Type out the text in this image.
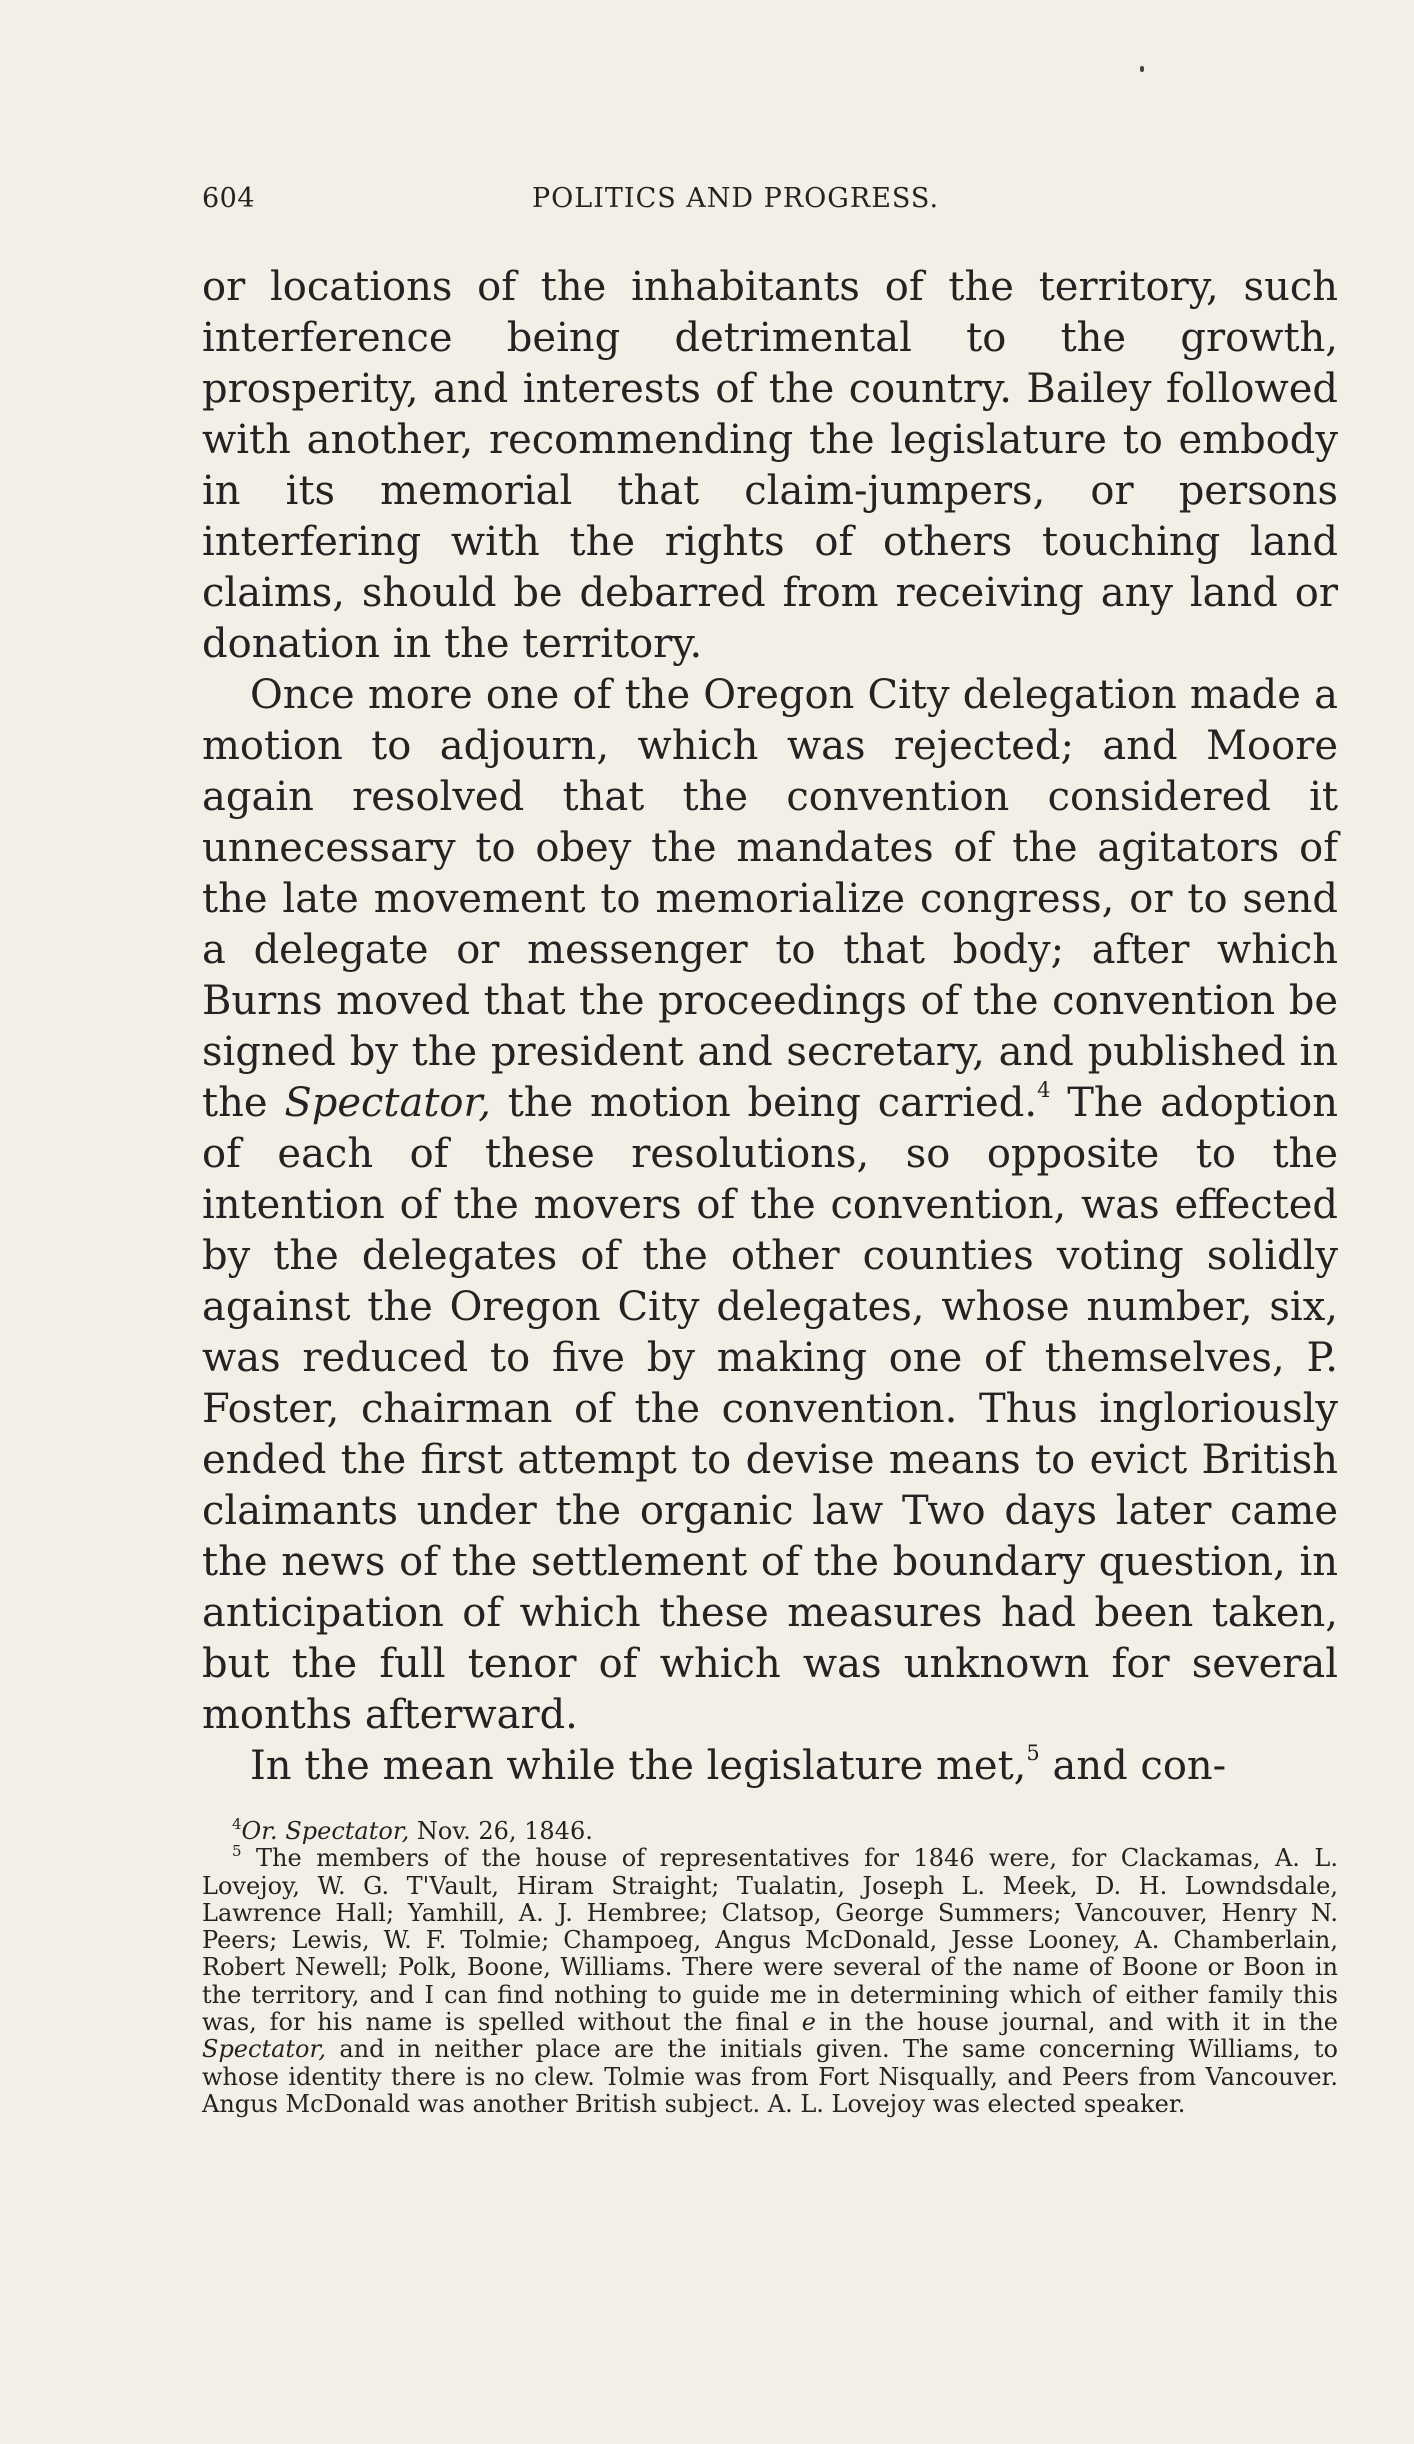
604	POLITICS AND PROGRESS.

or locations of the inhabitants of the territory, such interference being detrimental to the growth, prosperity, and interests of the country. Bailey followed with another, recommending the legislature to embody in its memorial that claim-jumpers, or persons interfering with the rights of others touching land claims, should be debarred from receiving any land or donation in the territory.

Once more one of the Oregon City delegation made a motion to adjourn, which was rejected; and Moore again resolved that the convention considered it unnecessary to obey the mandates of the agitators of the late movement to memorialize congress, or to send a delegate or messenger to that body; after which Burns moved that the proceedings of the convention be signed by the president and secretary, and published in the Spectator, the motion being carried.$^4$ The adoption of each of these resolutions, so opposite to the intention of the movers of the convention, was effected by the delegates of the other counties voting solidly against the Oregon City delegates, whose number, six, was reduced to five by making one of themselves, P. Foster, chairman of the convention. Thus ingloriously ended the first attempt to devise means to evict British claimants under the organic law Two days later came the news of the settlement of the boundary question, in anticipation of which these measures had been taken, but the full tenor of which was unknown for several months afterward.

In the mean while the legislature met,$^5$ and con-

$^4$Or. Spectator, Nov. 26, 1846.

$^5$ The members of the house of representatives for 1846 were, for Clackamas, A. L. Lovejoy, W. G. T'Vault, Hiram Straight; Tualatin, Joseph L. Meek, D. H. Lowndsdale, Lawrence Hall; Yamhill, A. J. Hembree; Clatsop, George Summers; Vancouver, Henry N. Peers; Lewis, W. F. Tolmie; Champoeg, Angus McDonald, Jesse Looney, A. Chamberlain, Robert Newell; Polk, Boone, Williams. There were several of the name of Boone or Boon in the territory, and I can find nothing to guide me in determining which of either family this was, for his name is spelled without the final e in the house journal, and with it in the Spectator, and in neither place are the initials given. The same concerning Williams, to whose identity there is no clew. Tolmie was from Fort Nisqually, and Peers from Vancouver. Angus McDonald was another British subject. A. L. Lovejoy was elected speaker.
